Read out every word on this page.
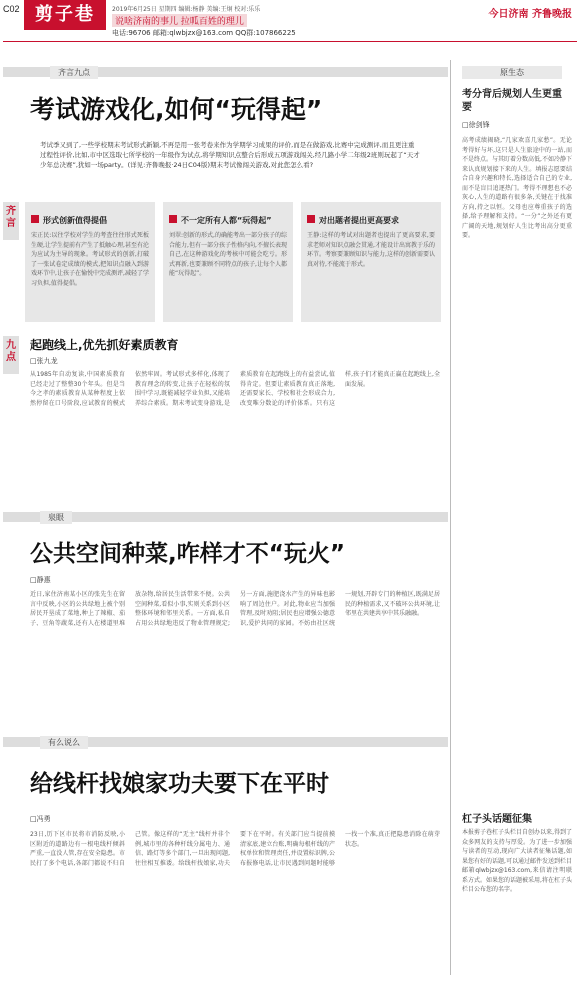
C02 剪子巷	2019年6月25日 星期四 编辑:杨静 美编:王炯 校对:乐乐
说啥济南的事儿 拉呱百姓的理儿
电话:96706 邮箱:qlwbjzx@163.com QQ群:107866225
今日济南 齐鲁晚报
齐言九点
考试游戏化,如何“玩得起”
考试季又到了,一些学校期末考试形式新颖,不再是用一张考卷来作为学期学习成果的评价,而是在做游戏,比赛中完成测评,而且更注重过程性评价,比如,市中区选取七所学校的一年级作为试点,将学期知识点整合后形成五项游戏闯关,经几路小学二年级2班则玩起了“天才少年总决赛”,犹如一场party。(详见:齐鲁晚报·24日C04版)期末考试像闯关游戏,对此您怎么看?
齐言	形式创新值得提倡
宋正民:以往学校对学生的考查往往形式死板生硬,让学生提前有产生了抵触心理,甚至有沦为应试为主导的现象。考试形式的创新,打破了一张试卷定成绩的模式,把知识点融入到游戏环节中,让孩子在愉悦中完成测评,减轻了学习负担,值得提倡。
不一定所有人都“玩得起”
刘翠:创新的形式,的确能考出一部分孩子的综合能力,但有一部分孩子性格内向,不擅长表现自己,在这种游戏化的考核中可能会吃亏。形式再新,也要兼顾不同特点的孩子,让每个人都能“玩得起”。
对出题者提出更高要求
王静:这样的考试对出题者也提出了更高要求,要求老师对知识点融会贯通,才能设计出寓教于乐的环节。考察要兼顾知识与能力,这样的创新需要认真对待,不能流于形式。
九点
起跑线上,优先抓好素质教育
□张九龙
从1985年自动复读,中国素质教育已经走过了整整30个年头。但是当今之孝的素质教育从某种程度上依然停留在口号阶段,应试教育的模式依然牢固。考试形式多样化,体现了教育理念的转变,让孩子在轻松的氛围中学习,既能减轻学业负担,又能培养综合素质。期末考试变身游戏,是素质教育在起跑线上的有益尝试,值得肯定。但要让素质教育真正落地,还需要家长、学校和社会形成合力,改变唯分数论的评价体系。只有这样,孩子们才能真正赢在起跑线上,全面发展。
泉眼
公共空间种菜,咋样才不“玩火”
□静惠
近日,家住济南某小区的张先生在留言中反映,小区的公共绿地上被个别居民开垦成了菜地,种上了辣椒、茄子、豆角等蔬菜,还有人在楼道里堆放杂物,给居民生活带来不便。公共空间种菜,看似小事,实则关系到小区整体环境和邻里关系。一方面,私自占用公共绿地违反了物业管理规定;另一方面,施肥浇水产生的异味也影响了周边住户。对此,物业应当加强管理,及时劝阻;居民也应增强公德意识,爱护共同的家园。不妨由社区统一规划,开辟专门的种植区,既满足居民的种植需求,又不破坏公共环境,让邻里在共建共享中其乐融融。
有么说么
给线杆找娘家功夫要下在平时
□冯勇
23日,历下区市民将市消防反映,小区附近的道路边有一根电线杆倾斜严重,一直没人管,存在安全隐患。市民打了多个电话,各部门都说不归自己管。像这样的“无主”线杆并非个例,城市里的各种杆线分属电力、通信、路灯等多个部门,一旦出现问题,往往相互推诿。给线杆找娘家,功夫要下在平时。有关部门应当提前摸清家底,建立台账,明确每根杆线的产权单位和管理责任,并设置标识牌,公布报修电话,让市民遇到问题时能够一找一个准,真正把隐患消除在萌芽状态。
原生态
考分背后规划人生更重要
□徐剑锋
高考成绩揭晓,“几家欢喜几家愁”。无论考得好与坏,这只是人生旅途中的一站,而不是终点。与其盯着分数高低,不如冷静下来认真规划接下来的人生。填报志愿要结合自身兴趣和特长,选择适合自己的专业,而不是盲目追逐热门。考得不理想也不必灰心,人生的道路有很多条,关键在于找准方向,持之以恒。父母也应尊重孩子的选择,给予理解和支持。“一分”之外还有更广阔的天地,规划好人生比考出高分更重要。
杠子头话题征集
本报剪子巷杠子头栏目自创办以来,得到了众多网友的支持与厚爱。为了进一步加强与读者的互动,现向广大读者征集话题,如果您有好的话题,可以通过邮件发送到栏目邮箱qlwbjzx@163.com,来信请注明联系方式。如果您的话题被采用,将在杠子头栏目公布您的名字。
